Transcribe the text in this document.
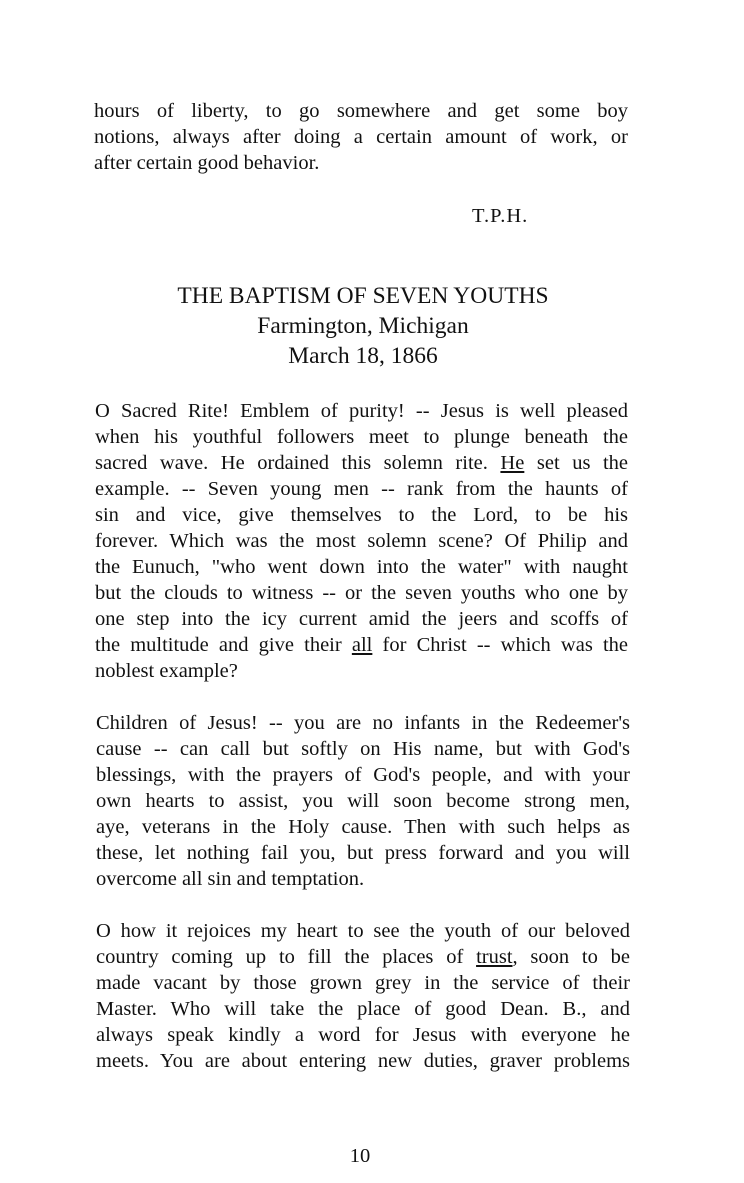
hours of liberty, to go somewhere and get some boy
notions, always after doing a certain amount of work, or
after certain good behavior.
T.P.H.
THE BAPTISM OF SEVEN YOUTHS
Farmington, Michigan
March 18, 1866
O Sacred Rite! Emblem of purity! -- Jesus is well pleased
when his youthful followers meet to plunge beneath the
sacred wave. He ordained this solemn rite. He set us the
example. -- Seven young men -- rank from the haunts of
sin and vice, give themselves to the Lord, to be his
forever. Which was the most solemn scene? Of Philip and
the Eunuch, "who went down into the water" with naught
but the clouds to witness -- or the seven youths who one by
one step into the icy current amid the jeers and scoffs of
the multitude and give their all for Christ -- which was the
noblest example?
Children of Jesus! -- you are no infants in the Redeemer's
cause -- can call but softly on His name, but with God's
blessings, with the prayers of God's people, and with your
own hearts to assist, you will soon become strong men,
aye, veterans in the Holy cause. Then with such helps as
these, let nothing fail you, but press forward and you will
overcome all sin and temptation.
O how it rejoices my heart to see the youth of our beloved
country coming up to fill the places of trust, soon to be
made vacant by those grown grey in the service of their
Master. Who will take the place of good Dean. B., and
always speak kindly a word for Jesus with everyone he
meets. You are about entering new duties, graver problems
10
